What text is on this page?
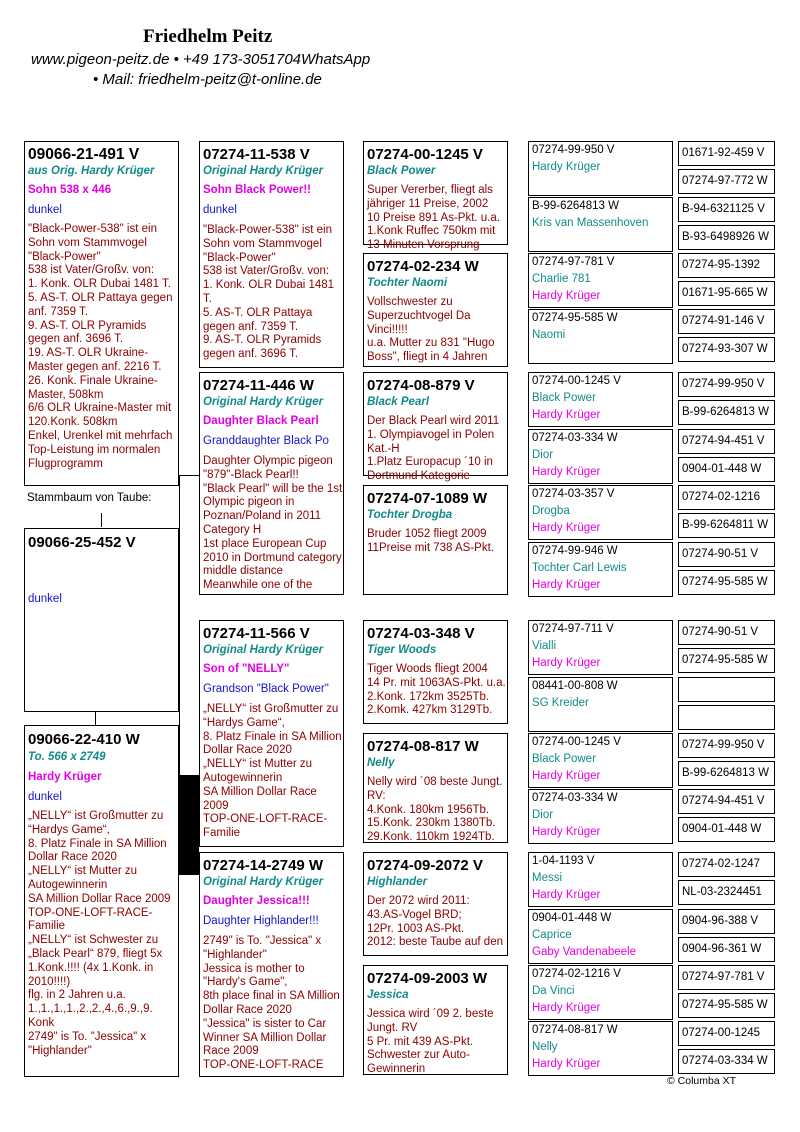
Friedhelm Peitz
www.pigeon-peitz.de • +49 173-3051704WhatsApp
• Mail: friedhelm-peitz@t-online.de
09066-21-491 V
aus Orig. Hardy Krüger
Sohn 538 x 446
dunkel
"Black-Power-538" ist ein Sohn vom Stammvogel "Black-Power"
538 ist Vater/Großv. von:
1. Konk. OLR Dubai 1481 T.
5. AS-T. OLR Pattaya gegen anf. 7359 T.
9. AS-T. OLR Pyramids gegen anf. 3696 T.
19. AS-T. OLR Ukraine-Master gegen anf. 2216 T.
26. Konk. Finale Ukraine-Master, 508km
6/6 OLR Ukraine-Master mit 120.Konk. 508km
Enkel, Urenkel mit mehrfach Top-Leistung im normalen Flugprogramm
Stammbaum von Taube:
09066-25-452 V
dunkel
09066-22-410 W
To. 566 x 2749
Hardy Krüger
dunkel
„NELLY“ ist Großmutter zu “Hardys Game“,
8. Platz Finale in SA Million Dollar Race 2020
„NELLY“ ist Mutter zu Autogewinnerin
SA Million Dollar Race 2009
TOP-ONE-LOFT-RACE-Familie
„NELLY“ ist Schwester zu „Black Pearl“ 879, fliegt 5x 1.Konk.!!!! (4x 1.Konk. in 2010!!!!)
flg. in 2 Jahren u.a. 1.,1.,1.,1.,2.,2.,4.,6.,9.,9. Konk
2749" is To. "Jessica" x "Highlander"
07274-11-538 V
Original Hardy Krüger
Sohn Black Power!!
dunkel
"Black-Power-538" ist ein Sohn vom Stammvogel "Black-Power"
538 ist Vater/Großv. von:
1. Konk. OLR Dubai 1481 T.
5. AS-T. OLR Pattaya gegen anf. 7359 T.
9. AS-T. OLR Pyramids gegen anf. 3696 T.
07274-11-446 W
Original Hardy Krüger
Daughter Black Pearl
Granddaughter Black Po
Daughter Olympic pigeon "879"-Black Pearl!!
"Black Pearl" will be the 1st Olympic pigeon in Poznan/Poland in 2011 Category H
1st place European Cup 2010 in Dortmund category middle distance
Meanwhile one of the
07274-11-566 V
Original Hardy Krüger
Son of "NELLY"
Grandson "Black Power"
„NELLY“ ist Großmutter zu “Hardys Game“,
8. Platz Finale in SA Million Dollar Race 2020
„NELLY“ ist Mutter zu Autogewinnerin
SA Million Dollar Race 2009
TOP-ONE-LOFT-RACE-Familie
07274-14-2749 W
Original Hardy Krüger
Daughter Jessica!!!
Daughter Highlander!!!
2749" is To. "Jessica" x "Highlander"
Jessica is mother to "Hardy's Game",
8th place final in SA Million Dollar Race 2020
"Jessica" is sister to Car Winner SA Million Dollar Race 2009
TOP-ONE-LOFT-RACE
07274-00-1245 V
Black Power
Super Vererber, fliegt als jähriger 11 Preise, 2002
10 Preise 891 As-Pkt. u.a.
1.Konk Ruffec 750km mit 13 Minuten Vorsprung
07274-02-234 W
Tochter Naomi
Vollschwester zu Superzuchtvogel Da Vinci!!!!!
u.a. Mutter zu 831 "Hugo Boss", fliegt in 4 Jahren
07274-08-879 V
Black Pearl
Der Black Pearl wird 2011
1. Olympiavogel in Polen Kat.-H
1.Platz Europacup ´10 in Dortmund Kategorie
07274-07-1089 W
Tochter Drogba
Bruder 1052 fliegt 2009
11Preise mit 738 AS-Pkt.
07274-03-348 V
Tiger Woods
Tiger Woods fliegt 2004
14 Pr. mit 1063AS-Pkt. u.a.
2.Konk. 172km 3525Tb.
2.Komk. 427km 3129Tb.
07274-08-817 W
Nelly
Nelly wird ´08 beste Jungt. RV:
4.Konk. 180km 1956Tb.
15.Konk. 230km 1380Tb.
29.Konk. 110km 1924Tb.
07274-09-2072 V
Highlander
Der 2072 wird 2011:
43.AS-Vogel BRD;
12Pr. 1003 AS-Pkt.
2012: beste Taube auf den
07274-09-2003 W
Jessica
Jessica wird ´09 2. beste Jungt. RV
5 Pr. mit 439 AS-Pkt.
Schwester zur Auto-Gewinnerin
07274-99-950 V
Hardy Krüger
B-99-6264813 W
Kris van Massenhoven
07274-97-781 V
Charlie 781
Hardy Krüger
07274-95-585 W
Naomi
07274-00-1245 V
Black Power
Hardy Krüger
07274-03-334 W
Dior
Hardy Krüger
07274-03-357 V
Drogba
Hardy Krüger
07274-99-946 W
Tochter Carl Lewis
Hardy Krüger
07274-97-711 V
Vialli
Hardy Krüger
08441-00-808 W
SG Kreider
07274-00-1245 V
Black Power
Hardy Krüger
07274-03-334 W
Dior
Hardy Krüger
1-04-1193 V
Messi
Hardy Krüger
0904-01-448 W
Caprice
Gaby Vandenabeele
07274-02-1216 V
Da Vinci
Hardy Krüger
07274-08-817 W
Nelly
Hardy Krüger
01671-92-459 V
07274-97-772 W
B-94-6321125 V
B-93-6498926 W
07274-95-1392
01671-95-665 W
07274-91-146 V
07274-93-307 W
07274-99-950 V
B-99-6264813 W
07274-94-451 V
0904-01-448 W
07274-02-1216
B-99-6264811 W
07274-90-51 V
07274-95-585 W
07274-90-51 V
07274-95-585 W
07274-99-950 V
B-99-6264813 W
07274-94-451 V
0904-01-448 W
07274-02-1247
NL-03-2324451
0904-96-388 V
0904-96-361 W
07274-97-781 V
07274-95-585 W
07274-00-1245
07274-03-334 W
© Columba XT
